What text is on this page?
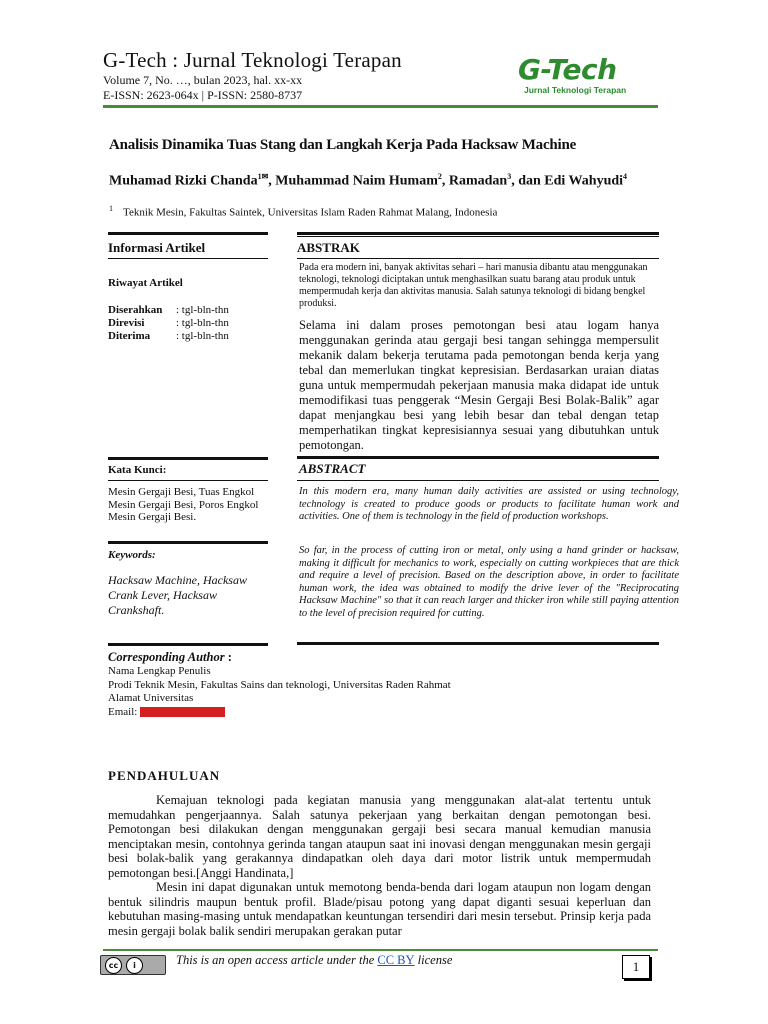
G-Tech : Jurnal Teknologi Terapan
Volume 7, No. …, bulan 2023, hal. xx-xx
E-ISSN: 2623-064x | P-ISSN: 2580-8737
G-Tech
Jurnal Teknologi Terapan
Analisis Dinamika Tuas Stang dan Langkah Kerja Pada Hacksaw Machine
Muhamad Rizki Chanda$^{1✉}$, Muhammad Naim Humam$^2$, Ramadan$^3$, dan Edi Wahyudi$^4$
$^1$ Teknik Mesin, Fakultas Saintek, Universitas Islam Raden Rahmat Malang, Indonesia
Informasi Artikel	ABSTRAK
Riwayat Artikel
Diserahkan : tgl-bln-thn
Direvisi	: tgl-bln-thn
Diterima : tgl-bln-thn
Pada era modern ini, banyak aktivitas sehari – hari manusia dibantu atau menggunakan teknologi, teknologi diciptakan untuk menghasilkan suatu barang atau produk untuk mempermudah kerja dan aktivitas manusia. Salah satunya teknologi di bidang bengkel produksi.
Selama ini dalam proses pemotongan besi atau logam hanya menggunakan gerinda atau gergaji besi tangan sehingga mempersulit mekanik dalam bekerja terutama pada pemotongan benda kerja yang tebal dan memerlukan tingkat kepresisian. Berdasarkan uraian diatas guna untuk mempermudah pekerjaan manusia maka didapat ide untuk memodifikasi tuas penggerak “Mesin Gergaji Besi Bolak-Balik” agar dapat menjangkau besi yang lebih besar dan tebal dengan tetap memperhatikan tingkat kepresisiannya sesuai yang dibutuhkan untuk pemotongan.
Kata Kunci:	ABSTRACT
Mesin Gergaji Besi, Tuas Engkol Mesin Gergaji Besi, Poros Engkol Mesin Gergaji Besi.
Keywords:
Hacksaw Machine, Hacksaw Crank Lever, Hacksaw Crankshaft.
In this modern era, many human daily activities are assisted or using technology, technology is created to produce goods or products to facilitate human work and activities. One of them is technology in the field of production workshops.
So far, in the process of cutting iron or metal, only using a hand grinder or hacksaw, making it difficult for mechanics to work, especially on cutting workpieces that are thick and require a level of precision. Based on the description above, in order to facilitate human work, the idea was obtained to modify the drive lever of the "Reciprocating Hacksaw Machine" so that it can reach larger and thicker iron while still paying attention to the level of precision required for cutting.
Corresponding Author :
Nama Lengkap Penulis
Prodi Teknik Mesin, Fakultas Sains dan teknologi, Universitas Raden Rahmat
Alamat Universitas
Email:
PENDAHULUAN

Kemajuan teknologi pada kegiatan manusia yang menggunakan alat-alat tertentu untuk memudahkan pengerjaannya. Salah satunya pekerjaan yang berkaitan dengan pemotongan besi. Pemotongan besi dilakukan dengan menggunakan gergaji besi secara manual kemudian manusia menciptakan mesin, contohnya gerinda tangan ataupun saat ini inovasi dengan menggunakan mesin gergaji besi bolak-balik yang gerakannya dindapatkan oleh daya dari motor listrik untuk mempermudah pemotongan besi.[Anggi Handinata,]

Mesin ini dapat digunakan untuk memotong benda-benda dari logam ataupun non logam dengan bentuk silindris maupun bentuk profil. Blade/pisau potong yang dapat diganti sesuai keperluan dan kebutuhan masing-masing untuk mendapatkan keuntungan tersendiri dari mesin tersebut. Prinsip kerja pada mesin gergaji bolak balik sendiri merupakan gerakan putar

cc	i	This is an open access article under the CC BY license	1
